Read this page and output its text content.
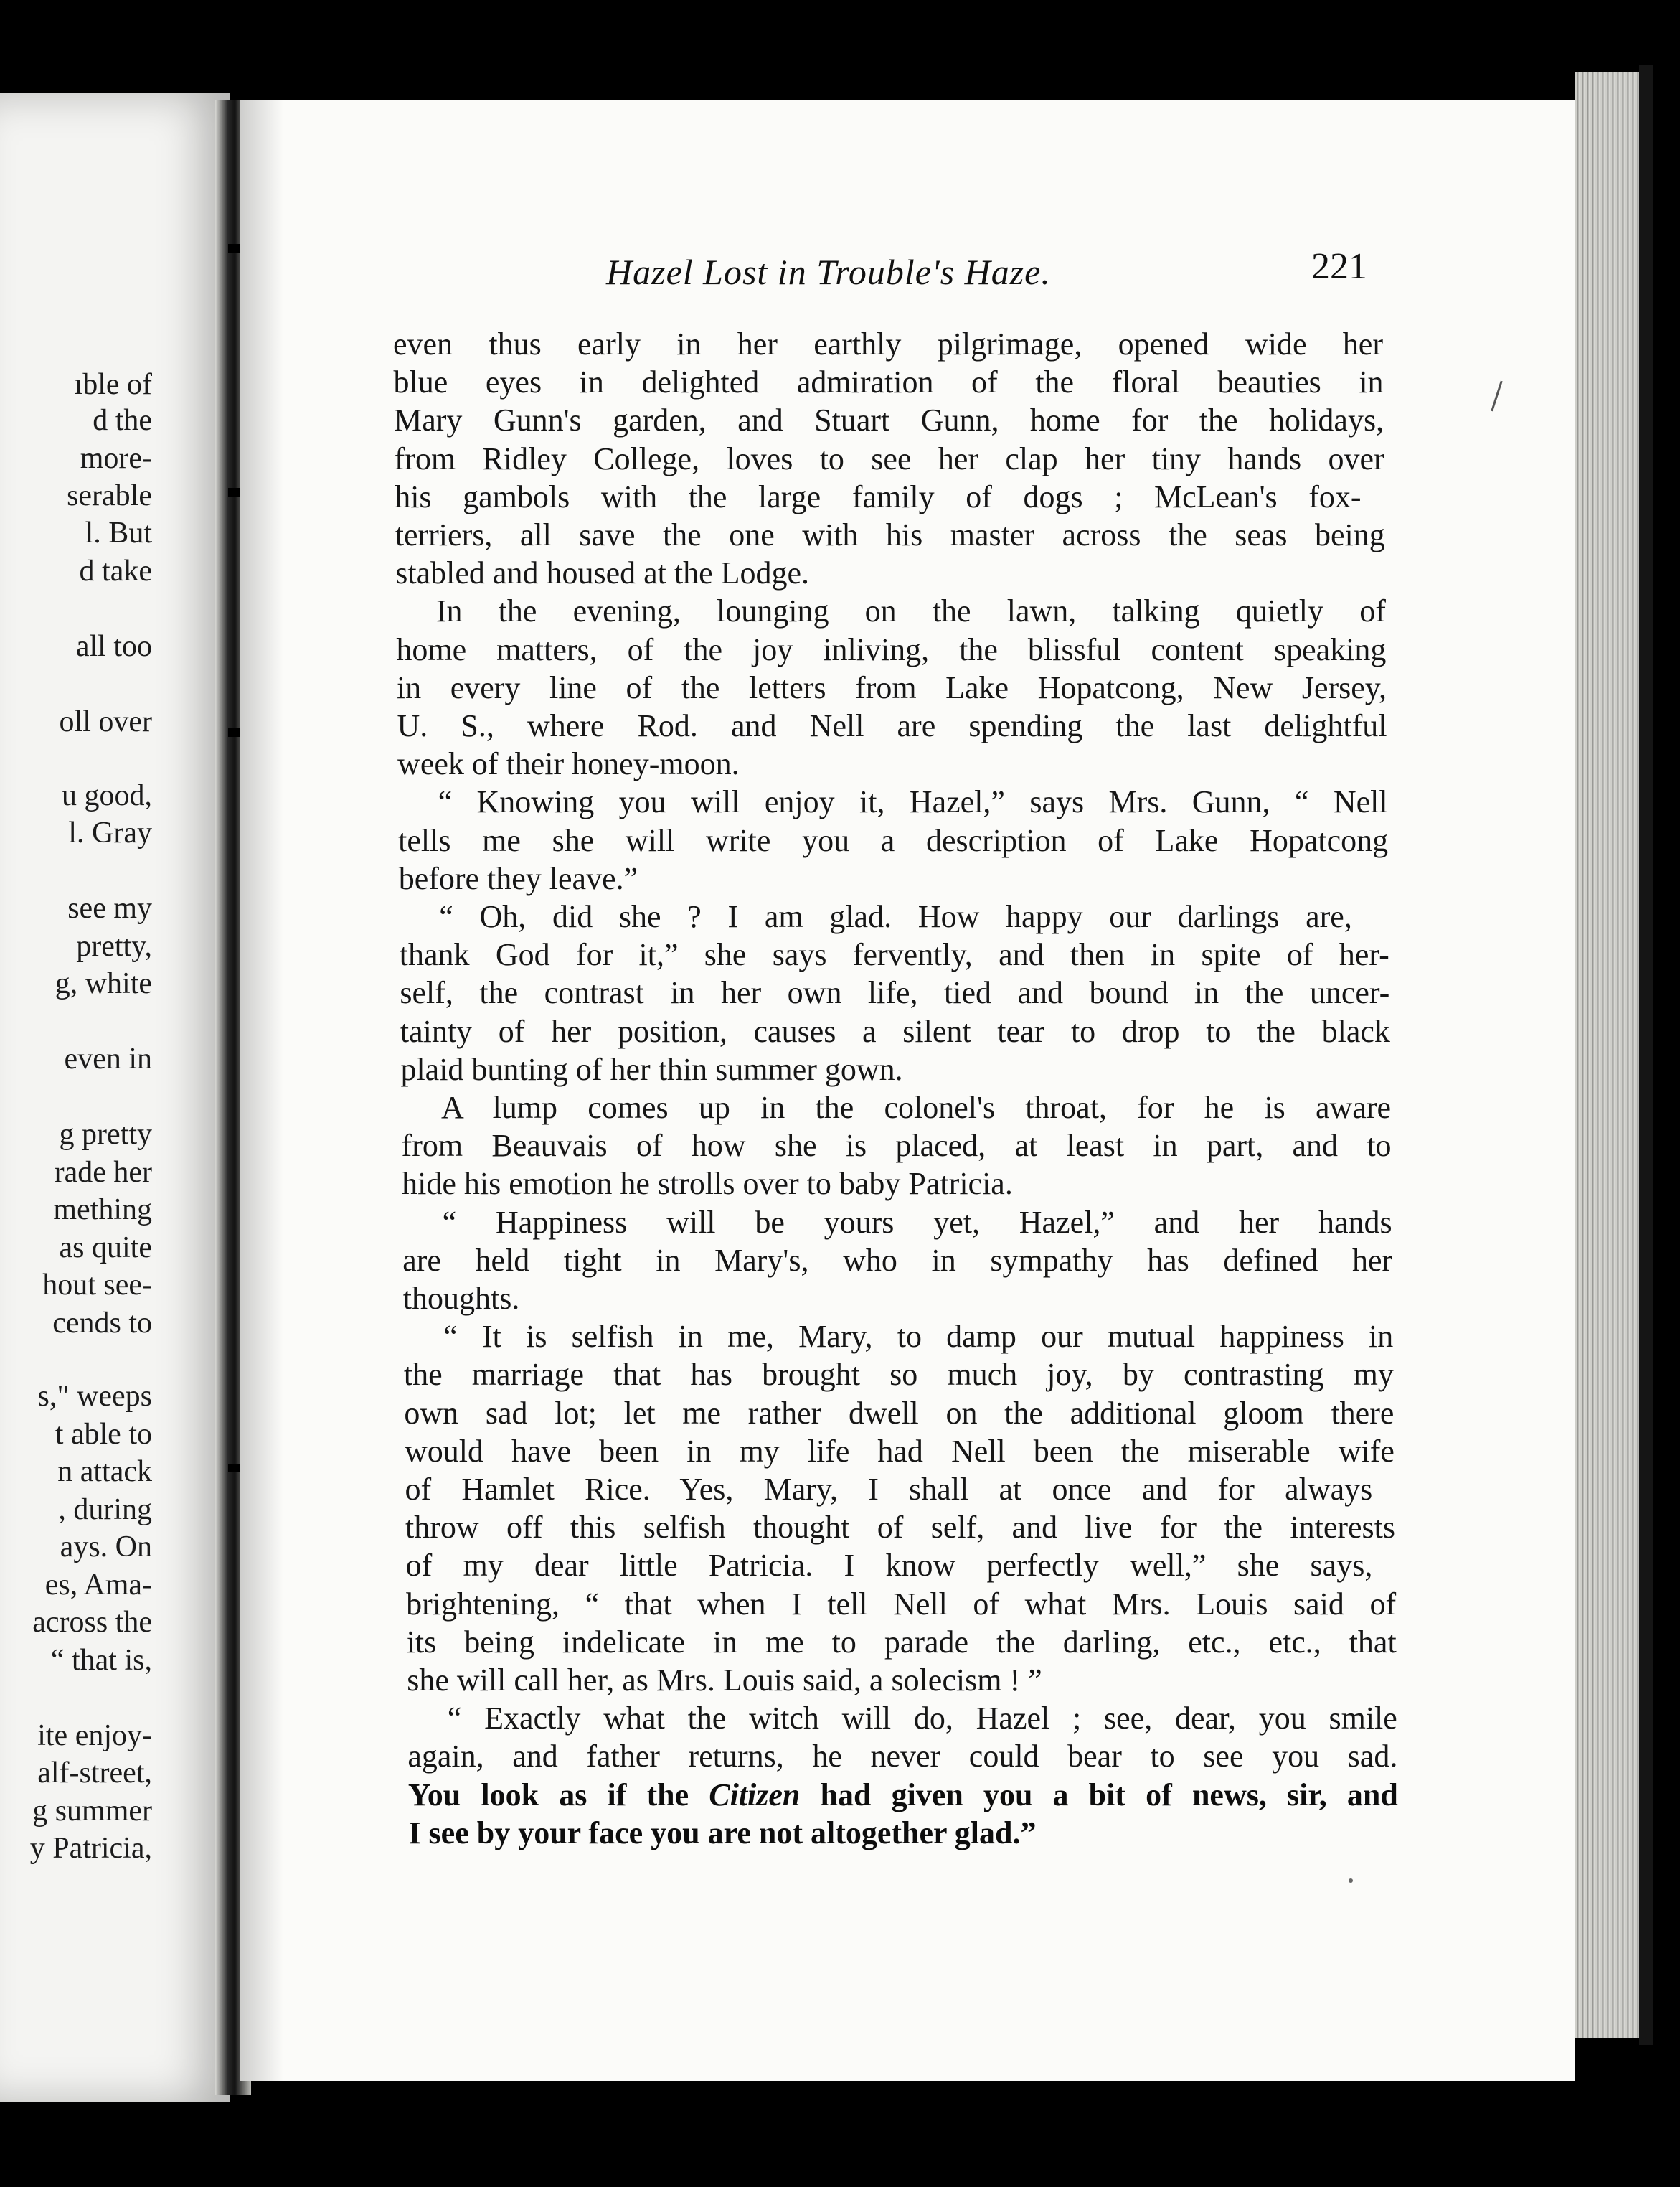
ıble of
d the
more-
serable
l. But
d take
all too
oll over
u good,
l. Gray
see my
pretty,
g, white
even in
g pretty
rade her
mething
as quite
hout see-
cends to
s," weeps
t able to
n attack
, during
ays. On
es, Ama-
across the
“ that is,
ite enjoy-
alf-street,
g summer
y Patricia,
Hazel Lost in Trouble's Haze.	221
even thus early in her earthly pilgrimage, opened wide her
blue eyes in delighted admiration of the floral beauties in
Mary Gunn's garden, and Stuart Gunn, home for the holidays,
from Ridley College, loves to see her clap her tiny hands over
his gambols with the large family of dogs ; McLean's fox-
terriers, all save the one with his master across the seas being
stabled and housed at the Lodge.
In the evening, lounging on the lawn, talking quietly of
home matters, of the joy inliving, the blissful content speaking
in every line of the letters from Lake Hopatcong, New Jersey,
U. S., where Rod. and Nell are spending the last delightful
week of their honey-moon.
“ Knowing you will enjoy it, Hazel,” says Mrs. Gunn, “ Nell
tells me she will write you a description of Lake Hopatcong
before they leave.”
“ Oh, did she ? I am glad. How happy our darlings are,
thank God for it,” she says fervently, and then in spite of her-
self, the contrast in her own life, tied and bound in the uncer-
tainty of her position, causes a silent tear to drop to the black
plaid bunting of her thin summer gown.
A lump comes up in the colonel's throat, for he is aware
from Beauvais of how she is placed, at least in part, and to
hide his emotion he strolls over to baby Patricia.
“ Happiness will be yours yet, Hazel,” and her hands
are held tight in Mary's, who in sympathy has defined her
thoughts.
“ It is selfish in me, Mary, to damp our mutual happiness in
the marriage that has brought so much joy, by contrasting my
own sad lot; let me rather dwell on the additional gloom there
would have been in my life had Nell been the miserable wife
of Hamlet Rice. Yes, Mary, I shall at once and for always
throw off this selfish thought of self, and live for the interests
of my dear little Patricia. I know perfectly well,” she says,
brightening, “ that when I tell Nell of what Mrs. Louis said of
its being indelicate in me to parade the darling, etc., etc., that
she will call her, as Mrs. Louis said, a solecism ! ”
“ Exactly what the witch will do, Hazel ; see, dear, you smile
again, and father returns, he never could bear to see you sad.
You look as if the Citizen had given you a bit of news, sir, and
I see by your face you are not altogether glad.”
